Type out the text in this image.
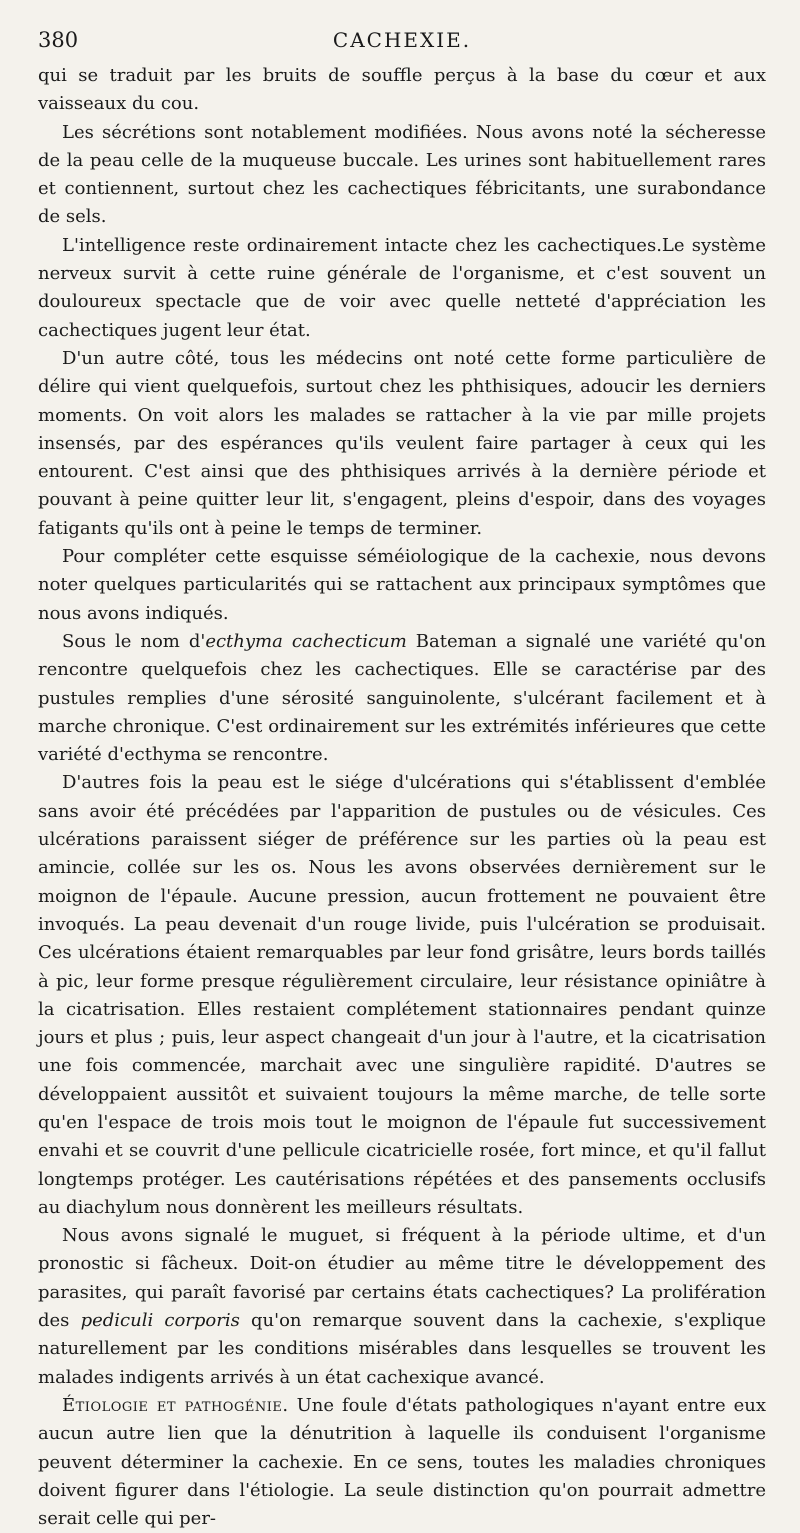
380	CACHEXIE.

qui se traduit par les bruits de souffle perçus à la base du cœur et aux vaisseaux du cou.

Les sécrétions sont notablement modifiées. Nous avons noté la sécheresse de la peau celle de la muqueuse buccale. Les urines sont habituellement rares et contiennent, surtout chez les cachectiques fébricitants, une surabondance de sels.

L'intelligence reste ordinairement intacte chez les cachectiques.Le système nerveux survit à cette ruine générale de l'organisme, et c'est souvent un douloureux spectacle que de voir avec quelle netteté d'appréciation les cachectiques jugent leur état.

D'un autre côté, tous les médecins ont noté cette forme particulière de délire qui vient quelquefois, surtout chez les phthisiques, adoucir les derniers moments. On voit alors les malades se rattacher à la vie par mille projets insensés, par des espérances qu'ils veulent faire partager à ceux qui les entourent. C'est ainsi que des phthisiques arrivés à la dernière période et pouvant à peine quitter leur lit, s'engagent, pleins d'espoir, dans des voyages fatigants qu'ils ont à peine le temps de terminer.

Pour compléter cette esquisse séméiologique de la cachexie, nous devons noter quelques particularités qui se rattachent aux principaux symptômes que nous avons indiqués.

Sous le nom d'ecthyma cachecticum Bateman a signalé une variété qu'on rencontre quelquefois chez les cachectiques. Elle se caractérise par des pustules remplies d'une sérosité sanguinolente, s'ulcérant facilement et à marche chronique. C'est ordinairement sur les extrémités inférieures que cette variété d'ecthyma se rencontre.

D'autres fois la peau est le siége d'ulcérations qui s'établissent d'emblée sans avoir été précédées par l'apparition de pustules ou de vésicules. Ces ulcérations paraissent siéger de préférence sur les parties où la peau est amincie, collée sur les os. Nous les avons observées dernièrement sur le moignon de l'épaule. Aucune pression, aucun frottement ne pouvaient être invoqués. La peau devenait d'un rouge livide, puis l'ulcération se produisait. Ces ulcérations étaient remarquables par leur fond grisâtre, leurs bords taillés à pic, leur forme presque régulièrement circulaire, leur résistance opiniâtre à la cicatrisation. Elles restaient complétement stationnaires pendant quinze jours et plus ; puis, leur aspect changeait d'un jour à l'autre, et la cicatrisation une fois commencée, marchait avec une singulière rapidité. D'autres se développaient aussitôt et suivaient toujours la même marche, de telle sorte qu'en l'espace de trois mois tout le moignon de l'épaule fut successivement envahi et se couvrit d'une pellicule cicatricielle rosée, fort mince, et qu'il fallut longtemps protéger. Les cautérisations répétées et des pansements occlusifs au diachylum nous donnèrent les meilleurs résultats.

Nous avons signalé le muguet, si fréquent à la période ultime, et d'un pronostic si fâcheux. Doit-on étudier au même titre le développement des parasites, qui paraît favorisé par certains états cachectiques? La prolifération des pediculi corporis qu'on remarque souvent dans la cachexie, s'explique naturellement par les conditions misérables dans lesquelles se trouvent les malades indigents arrivés à un état cachexique avancé.

Étiologie et pathogénie. Une foule d'états pathologiques n'ayant entre eux aucun autre lien que la dénutrition à laquelle ils conduisent l'organisme peuvent déterminer la cachexie. En ce sens, toutes les maladies chroniques doivent figurer dans l'étiologie. La seule distinction qu'on pourrait admettre serait celle qui per-
